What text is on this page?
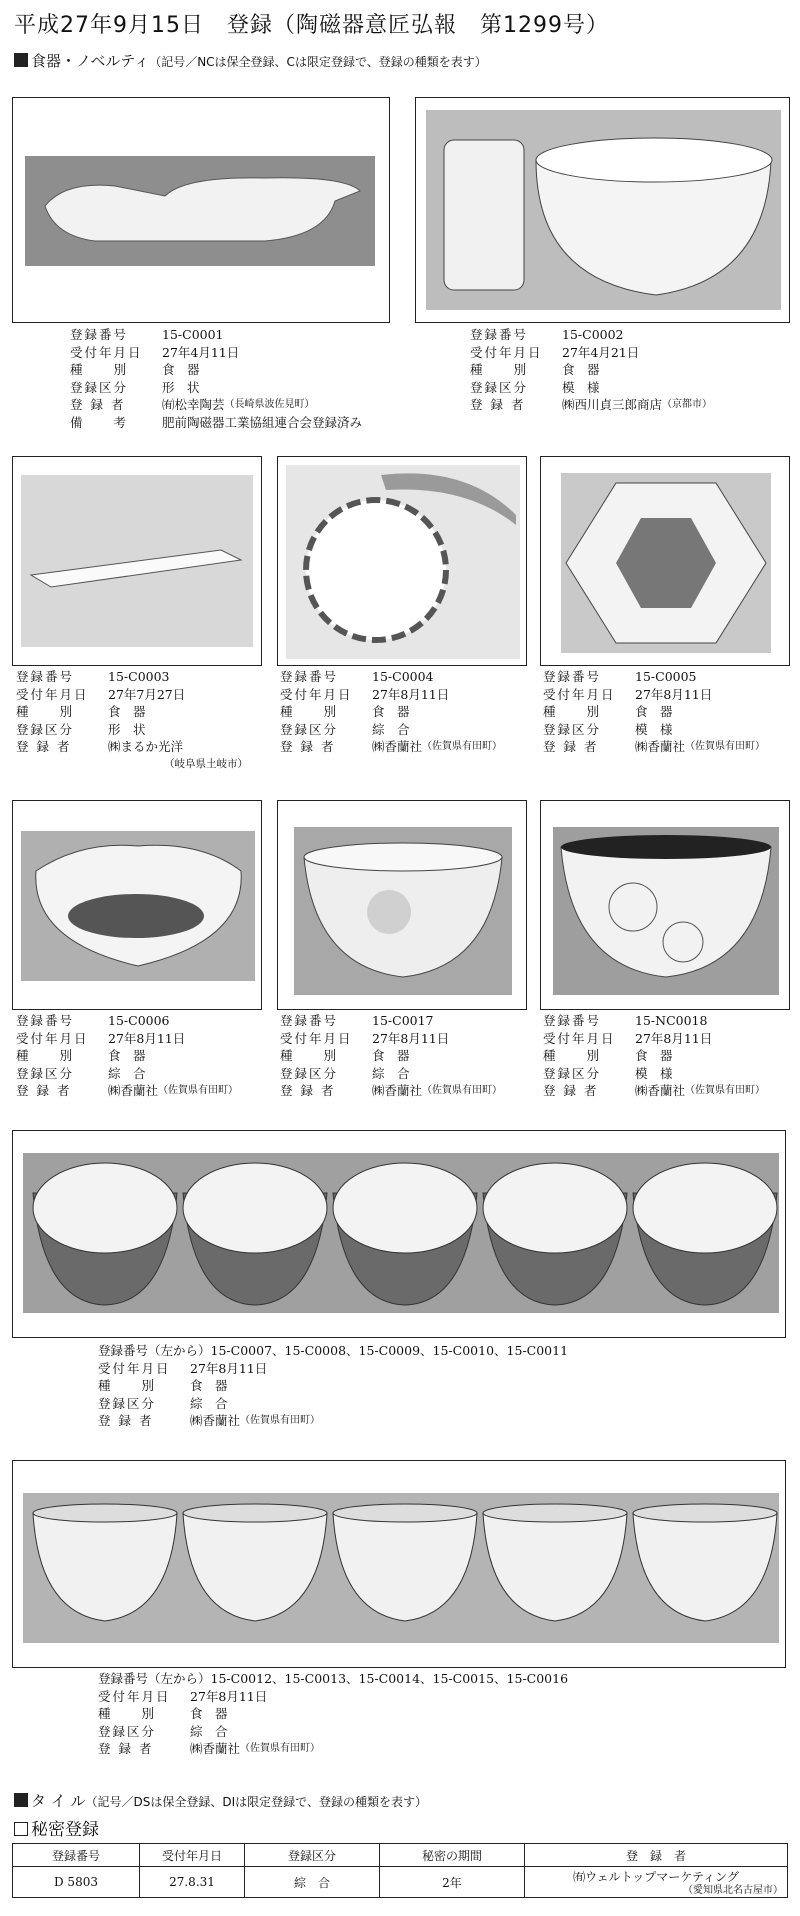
平成27年9月15日　登録（陶磁器意匠弘報　第1299号）
食器・ノベルティ（記号／NCは保全登録、Cは限定登録で、登録の種類を表す）
登録番号	15-C0001
受付年月日	27年4月11日
種　　別	食　器
登録区分	形　状
登 録 者	㈲松幸陶芸 （長崎県波佐見町）
備　　考	肥前陶磁器工業協組連合会登録済み
登録番号	15-C0002
受付年月日	27年4月21日
種　　別	食　器
登録区分	模　様
登 録 者	㈱西川貞三郎商店 （京都市）
登録番号	15-C0003
受付年月日	27年7月27日
種　　別	食　器
登録区分	形　状
登 録 者	㈱まるか光洋
（岐阜県土岐市）
登録番号	15-C0004
受付年月日	27年8月11日
種　　別	食　器
登録区分	綜　合
登 録 者	㈱香蘭社 （佐賀県有田町）
登録番号	15-C0005
受付年月日	27年8月11日
種　　別	食　器
登録区分	模　様
登 録 者	㈱香蘭社 （佐賀県有田町）
登録番号	15-C0006
受付年月日	27年8月11日
種　　別	食　器
登録区分	綜　合
登 録 者	㈱香蘭社 （佐賀県有田町）
登録番号	15-C0017
受付年月日	27年8月11日
種　　別	食　器
登録区分	綜　合
登 録 者	㈱香蘭社 （佐賀県有田町）
登録番号	15-NC0018
受付年月日	27年8月11日
種　　別	食　器
登録区分	模　様
登 録 者	㈱香蘭社 （佐賀県有田町）
登録番号（左から） 15-C0007、15-C0008、15-C0009、15-C0010、15-C0011
受付年月日	27年8月11日
種　　別	食　器
登録区分	綜　合
登 録 者	㈱香蘭社 （佐賀県有田町）
登録番号（左から） 15-C0012、15-C0013、15-C0014、15-C0015、15-C0016
受付年月日	27年8月11日
種　　別	食　器
登録区分	綜　合
登 録 者	㈱香蘭社 （佐賀県有田町）
タ イ ル（記号／DSは保全登録、DIは限定登録で、登録の種類を表す）
秘密登録
登録番号	受付年月日	登録区分	秘密の期間	登　録　者
D 5803	27.8.31	綜　合	2年	㈲ウェルトップマーケティング
（愛知県北名古屋市）
